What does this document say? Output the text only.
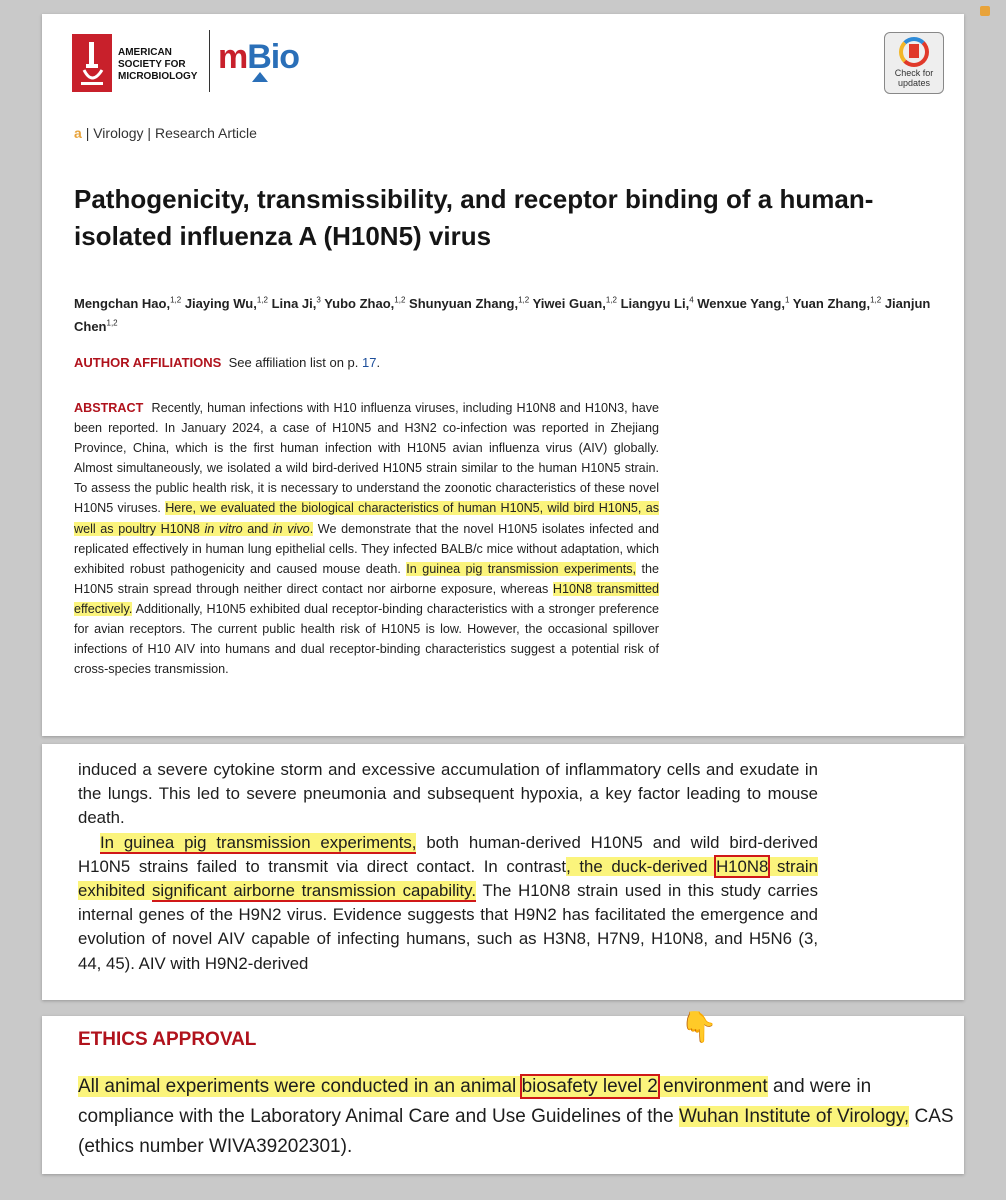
AMERICAN
SOCIETY FOR
MICROBIOLOGY
mBio	Check for
updates
a | Virology | Research Article
Pathogenicity, transmissibility, and receptor binding of a human-isolated influenza A (H10N5) virus
Mengchan Hao,$^{1,2}$ Jiaying Wu,$^{1,2}$ Lina Ji,$^3$ Yubo Zhao,$^{1,2}$ Shunyuan Zhang,$^{1,2}$ Yiwei Guan,$^{1,2}$ Liangyu Li,$^4$ Wenxue Yang,$^1$ Yuan Zhang,$^{1,2}$ Jianjun Chen$^{1,2}$
AUTHOR AFFILIATIONS See affiliation list on p. 17.
ABSTRACT Recently, human infections with H10 influenza viruses, including H10N8 and H10N3, have been reported. In January 2024, a case of H10N5 and H3N2 co-infection was reported in Zhejiang Province, China, which is the first human infection with H10N5 avian influenza virus (AIV) globally. Almost simultaneously, we isolated a wild bird-derived H10N5 strain similar to the human H10N5 strain. To assess the public health risk, it is necessary to understand the zoonotic characteristics of these novel H10N5 viruses. Here, we evaluated the biological characteristics of human H10N5, wild bird H10N5, as well as poultry H10N8 in vitro and in vivo. We demonstrate that the novel H10N5 isolates infected and replicated effectively in human lung epithelial cells. They infected BALB/c mice without adaptation, which exhibited robust pathogenicity and caused mouse death. In guinea pig transmission experiments, the H10N5 strain spread through neither direct contact nor airborne exposure, whereas H10N8 transmitted effectively. Additionally, H10N5 exhibited dual receptor-binding characteristics with a stronger preference for avian receptors. The current public health risk of H10N5 is low. However, the occasional spillover infections of H10 AIV into humans and dual receptor-binding characteristics suggest a potential risk of cross-species transmission.
induced a severe cytokine storm and excessive accumulation of inflammatory cells and exudate in the lungs. This led to severe pneumonia and subsequent hypoxia, a key factor leading to mouse death.
In guinea pig transmission experiments, both human-derived H10N5 and wild bird-derived H10N5 strains failed to transmit via direct contact. In contrast, the duck-derived H10N8 strain exhibited significant airborne transmission capability. The H10N8 strain used in this study carries internal genes of the H9N2 virus. Evidence suggests that H9N2 has facilitated the emergence and evolution of novel AIV capable of infecting humans, such as H3N8, H7N9, H10N8, and H5N6 (3, 44, 45). AIV with H9N2-derived
ETHICS APPROVAL	👇
All animal experiments were conducted in an animal biosafety level 2 environment and were in compliance with the Laboratory Animal Care and Use Guidelines of the Wuhan Institute of Virology, CAS (ethics number WIVA39202301).
